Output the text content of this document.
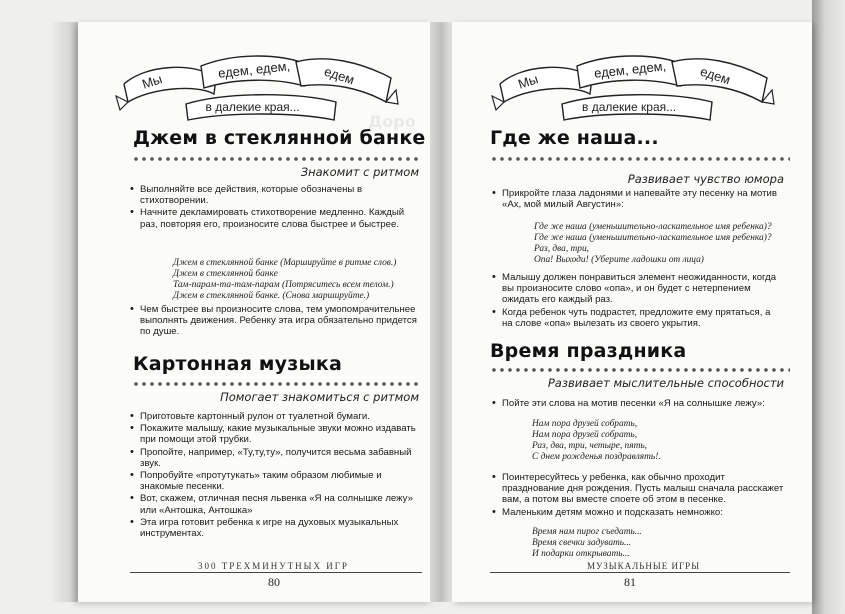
Мы
едем, едем, едем
в далекие края...
Доро
Джем в стеклянной банке
Знакомит с ритмом
• Выполняйте все действия, которые обозначены в стихотворении.
• Начните декламировать стихотворение медленно. Каждый раз, повторяя его, произносите слова быстрее и быстрее.
Джем в стеклянной банке (Маршируйте в ритме слов.)
Джем в стеклянной банке
Там-парам-та-там-парам (Потряситесь всем телом.)
Джем в стеклянной банке. (Снова маршируйте.)
• Чем быстрее вы произносите слова, тем умопомрачительнее выполнять движения. Ребенку эта игра обязательно придется по душе.
Картонная музыка
Помогает знакомиться с ритмом
• Приготовьте картонный рулон от туалетной бумаги.
• Покажите малышу, какие музыкальные звуки можно издавать при помощи этой трубки.
• Пропойте, например, «Ту,ту,ту», получится весьма забавный звук.
• Попробуйте «протутукать» таким образом любимые и знакомые песенки.
• Вот, скажем, отличная песня львенка «Я на солнышке лежу» или «Антошка, Антошка»
• Эта игра готовит ребенка к игре на духовых музыкальных инструментах.
300 ТРЕХМИНУТНЫХ ИГР
80
Мы
едем, едем, едем
в далекие края...
Где же наша...
Развивает чувство юмора
• Прикройте глаза ладонями и напевайте эту песенку на мотив «Ах, мой милый Августин»:
Где же наша (уменьшительно-ласкательное имя ребенка)?
Где же наша (уменьшительно-ласкательное имя ребенка)?
Раз, два, три,
Опа! Выходи! (Уберите ладошки от лица)
• Малышу должен понравиться элемент неожиданности, когда вы произносите слово «опа», и он будет с нетерпением ожидать его каждый раз.
• Когда ребенок чуть подрастет, предложите ему прятаться, а на слове «опа» вылезать из своего укрытия.
Время праздника
Развивает мыслительные способности
• Пойте эти слова на мотив песенки «Я на солнышке лежу»:
Нам пора друзей собрать,
Нам пора друзей собрать,
Раз, два, три, четыре, пять,
С днем рожденья поздравлять!.
• Поинтересуйтесь у ребенка, как обычно проходит празднование дня рождения. Пусть малыш сначала расскажет вам, а потом вы вместе споете об этом в песенке.
• Маленьким детям можно и подсказать немножко:
Время нам пирог съедать...
Время свечки задувать...
И подарки открывать...
МУЗЫКАЛЬНЫЕ ИГРЫ
81
